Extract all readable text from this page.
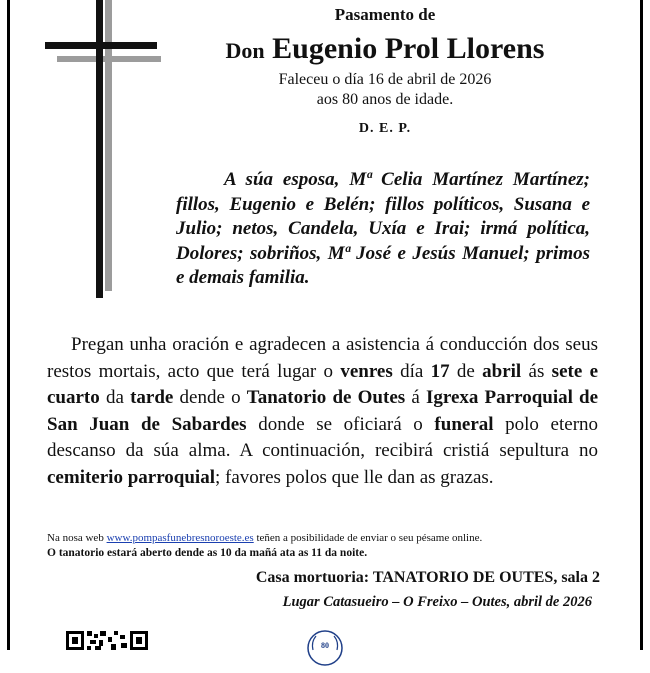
Pasamento de
Don Eugenio Prol Llorens
Faleceu o día 16 de abril de 2026
aos 80 anos de idade.
D. E. P.
A súa esposa, Mª Celia Martínez Martínez; fillos, Eugenio e Belén; fillos políticos, Susana e Julio; netos, Candela, Uxía e Irai; irmá política, Dolores; sobriños, Mª José e Jesús Manuel; primos e demais familia.
Pregan unha oración e agradecen a asistencia á conducción dos seus restos mortais, acto que terá lugar o venres día 17 de abril ás sete e cuarto da tarde dende o Tanatorio de Outes á Igrexa Parroquial de San Juan de Sabardes donde se oficiará o funeral polo eterno descanso da súa alma. A continuación, recibirá cristiá sepultura no cemiterio parroquial; favores polos que lle dan as grazas.
Na nosa web www.pompasfunebresnoroeste.es teñen a posibilidade de enviar o seu pésame online.
O tanatorio estará aberto dende as 10 da mañá ata as 11 da noite.
Casa mortuoria: TANATORIO DE OUTES, sala 2
Lugar Catasueiro – O Freixo – Outes, abril de 2026
80
